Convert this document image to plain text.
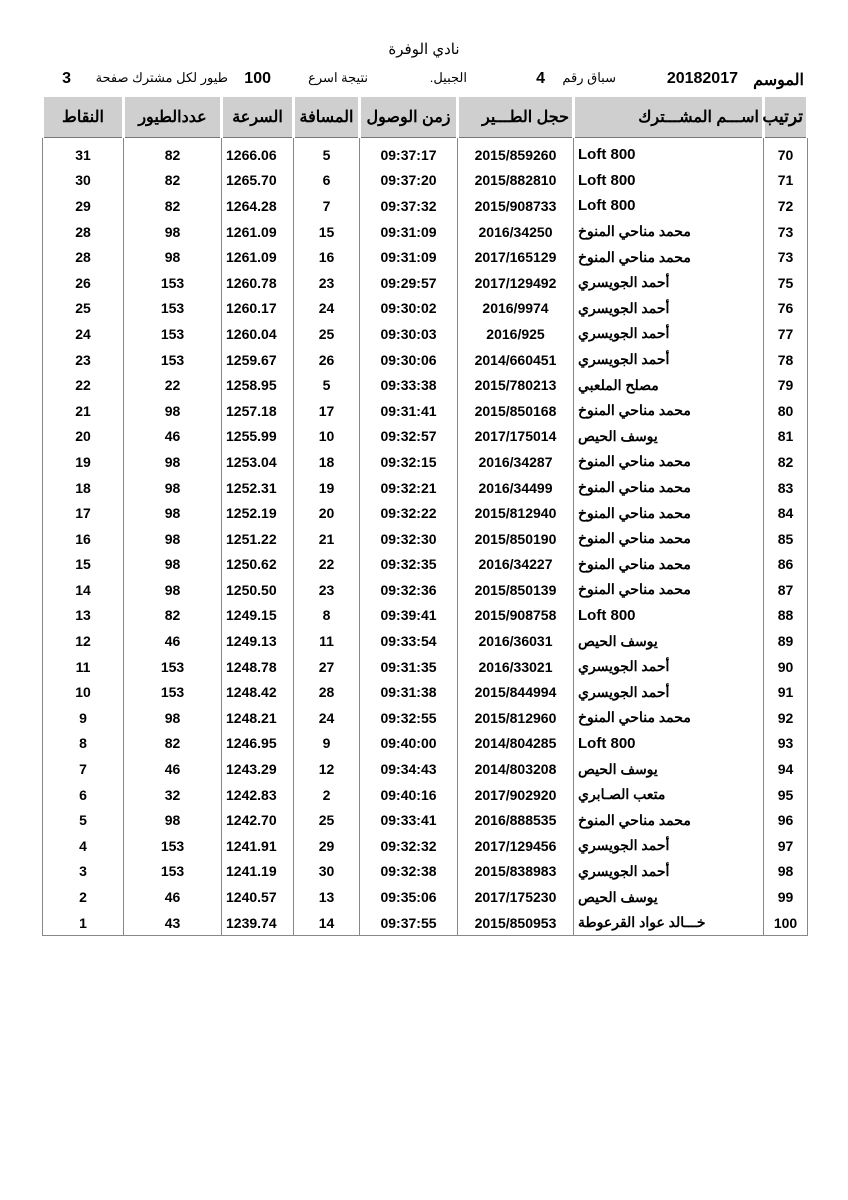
نادي الوفرة
الموسم
20182017
سباق رقم
4
الجبيل.
نتيجة اسرع
100
طيور لكل مشترك صفحة
3
ترتيب	اســـم المشـــترك	حجل الطـــير	زمن الوصول	المسافة	السرعة	عددالطيور	النقاط

70	Loft 800	2015/859260	09:37:17	5	1266.06	82	31
71	Loft 800	2015/882810	09:37:20	6	1265.70	82	30
72	Loft 800	2015/908733	09:37:32	7	1264.28	82	29
73	محمد مناحي المنوخ	2016/34250	09:31:09	15	1261.09	98	28
73	محمد مناحي المنوخ	2017/165129	09:31:09	16	1261.09	98	28
75	أحمد الجويسري	2017/129492	09:29:57	23	1260.78	153	26
76	أحمد الجويسري	2016/9974	09:30:02	24	1260.17	153	25
77	أحمد الجويسري	2016/925	09:30:03	25	1260.04	153	24
78	أحمد الجويسري	2014/660451	09:30:06	26	1259.67	153	23
79	مصلح الملعبي	2015/780213	09:33:38	5	1258.95	22	22
80	محمد مناحي المنوخ	2015/850168	09:31:41	17	1257.18	98	21
81	يوسف الحيص	2017/175014	09:32:57	10	1255.99	46	20
82	محمد مناحي المنوخ	2016/34287	09:32:15	18	1253.04	98	19
83	محمد مناحي المنوخ	2016/34499	09:32:21	19	1252.31	98	18
84	محمد مناحي المنوخ	2015/812940	09:32:22	20	1252.19	98	17
85	محمد مناحي المنوخ	2015/850190	09:32:30	21	1251.22	98	16
86	محمد مناحي المنوخ	2016/34227	09:32:35	22	1250.62	98	15
87	محمد مناحي المنوخ	2015/850139	09:32:36	23	1250.50	98	14
88	Loft 800	2015/908758	09:39:41	8	1249.15	82	13
89	يوسف الحيص	2016/36031	09:33:54	11	1249.13	46	12
90	أحمد الجويسري	2016/33021	09:31:35	27	1248.78	153	11
91	أحمد الجويسري	2015/844994	09:31:38	28	1248.42	153	10
92	محمد مناحي المنوخ	2015/812960	09:32:55	24	1248.21	98	9
93	Loft 800	2014/804285	09:40:00	9	1246.95	82	8
94	يوسف الحيص	2014/803208	09:34:43	12	1243.29	46	7
95	متعب الصـابري	2017/902920	09:40:16	2	1242.83	32	6
96	محمد مناحي المنوخ	2016/888535	09:33:41	25	1242.70	98	5
97	أحمد الجويسري	2017/129456	09:32:32	29	1241.91	153	4
98	أحمد الجويسري	2015/838983	09:32:38	30	1241.19	153	3
99	يوسف الحيص	2017/175230	09:35:06	13	1240.57	46	2
100	خـــالد عواد القرعوطة	2015/850953	09:37:55	14	1239.74	43	1
